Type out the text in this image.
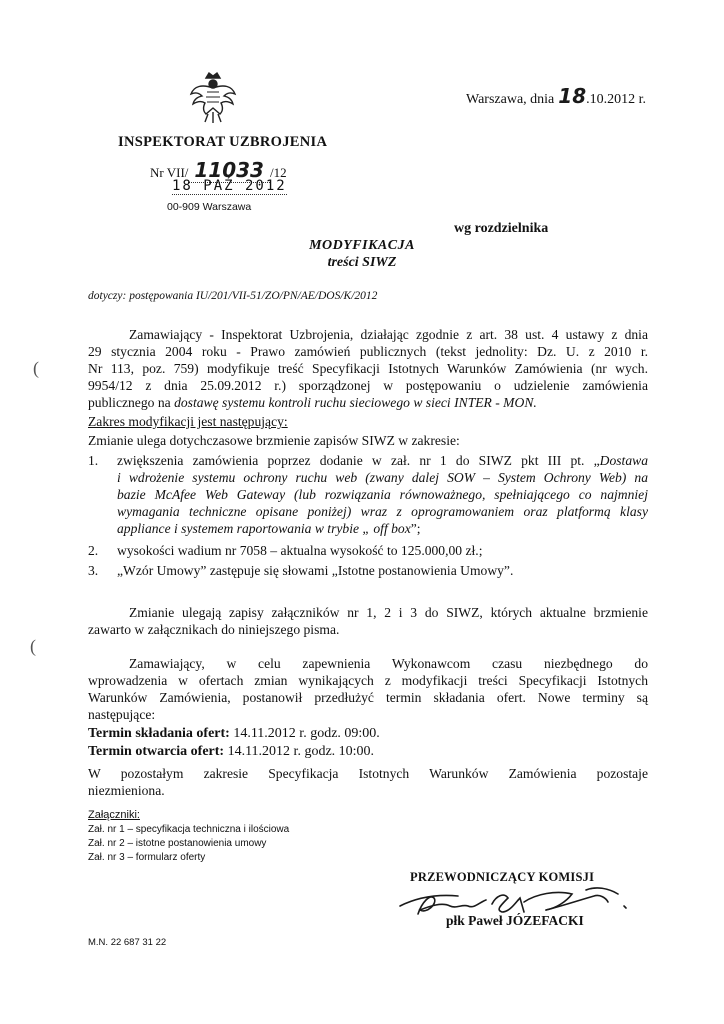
(
(
Warszawa, dnia 18.10.2012 r.
INSPEKTORAT UZBROJENIA
Nr VII/ 11033 /12
18 PAŹ 2012
00-909 Warszawa
wg rozdzielnika
MODYFIKACJA
treści SIWZ
dotyczy: postępowania IU/201/VII-51/ZO/PN/AE/DOS/K/2012
Zamawiający - Inspektorat Uzbrojenia, działając zgodnie z art. 38 ust. 4 ustawy z dnia
29 stycznia 2004 roku - Prawo zamówień publicznych (tekst jednolity: Dz. U. z 2010 r.
Nr 113, poz. 759) modyfikuje treść Specyfikacji Istotnych Warunków Zamówienia (nr wych.
9954/12 z dnia 25.09.2012 r.) sporządzonej w postępowaniu o udzielenie zamówienia
publicznego na dostawę systemu kontroli ruchu sieciowego w sieci INTER - MON.
Zakres modyfikacji jest następujący:
Zmianie ulega dotychczasowe brzmienie zapisów SIWZ w zakresie:
1. zwiększenia zamówienia poprzez dodanie w zał. nr 1 do SIWZ pkt III pt. „Dostawa
i wdrożenie systemu ochrony ruchu web (zwany dalej SOW – System Ochrony Web) na
bazie McAfee Web Gateway (lub rozwiązania równoważnego, spełniającego co najmniej
wymagania techniczne opisane poniżej) wraz z oprogramowaniem oraz platformą klasy
appliance i systemem raportowania w trybie „ off box”;
2. wysokości wadium nr 7058 – aktualna wysokość to 125.000,00 zł.;
3. „Wzór Umowy” zastępuje się słowami „Istotne postanowienia Umowy”.
Zmianie ulegają zapisy załączników nr 1, 2 i 3 do SIWZ, których aktualne brzmienie
zawarto w załącznikach do niniejszego pisma.
Zamawiający, w celu zapewnienia Wykonawcom czasu niezbędnego do
wprowadzenia w ofertach zmian wynikających z modyfikacji treści Specyfikacji Istotnych
Warunków Zamówienia, postanowił przedłużyć termin składania ofert. Nowe terminy są
następujące:
Termin składania ofert: 14.11.2012 r. godz. 09:00.
Termin otwarcia ofert: 14.11.2012 r. godz. 10:00.
W pozostałym zakresie Specyfikacja Istotnych Warunków Zamówienia pozostaje
niezmieniona.
Załączniki:
Zał. nr 1 – specyfikacja techniczna i ilościowa
Zał. nr 2 – istotne postanowienia umowy
Zał. nr 3 – formularz oferty
PRZEWODNICZĄCY KOMISJI
płk Paweł JÓZEFACKI
M.N. 22 687 31 22
